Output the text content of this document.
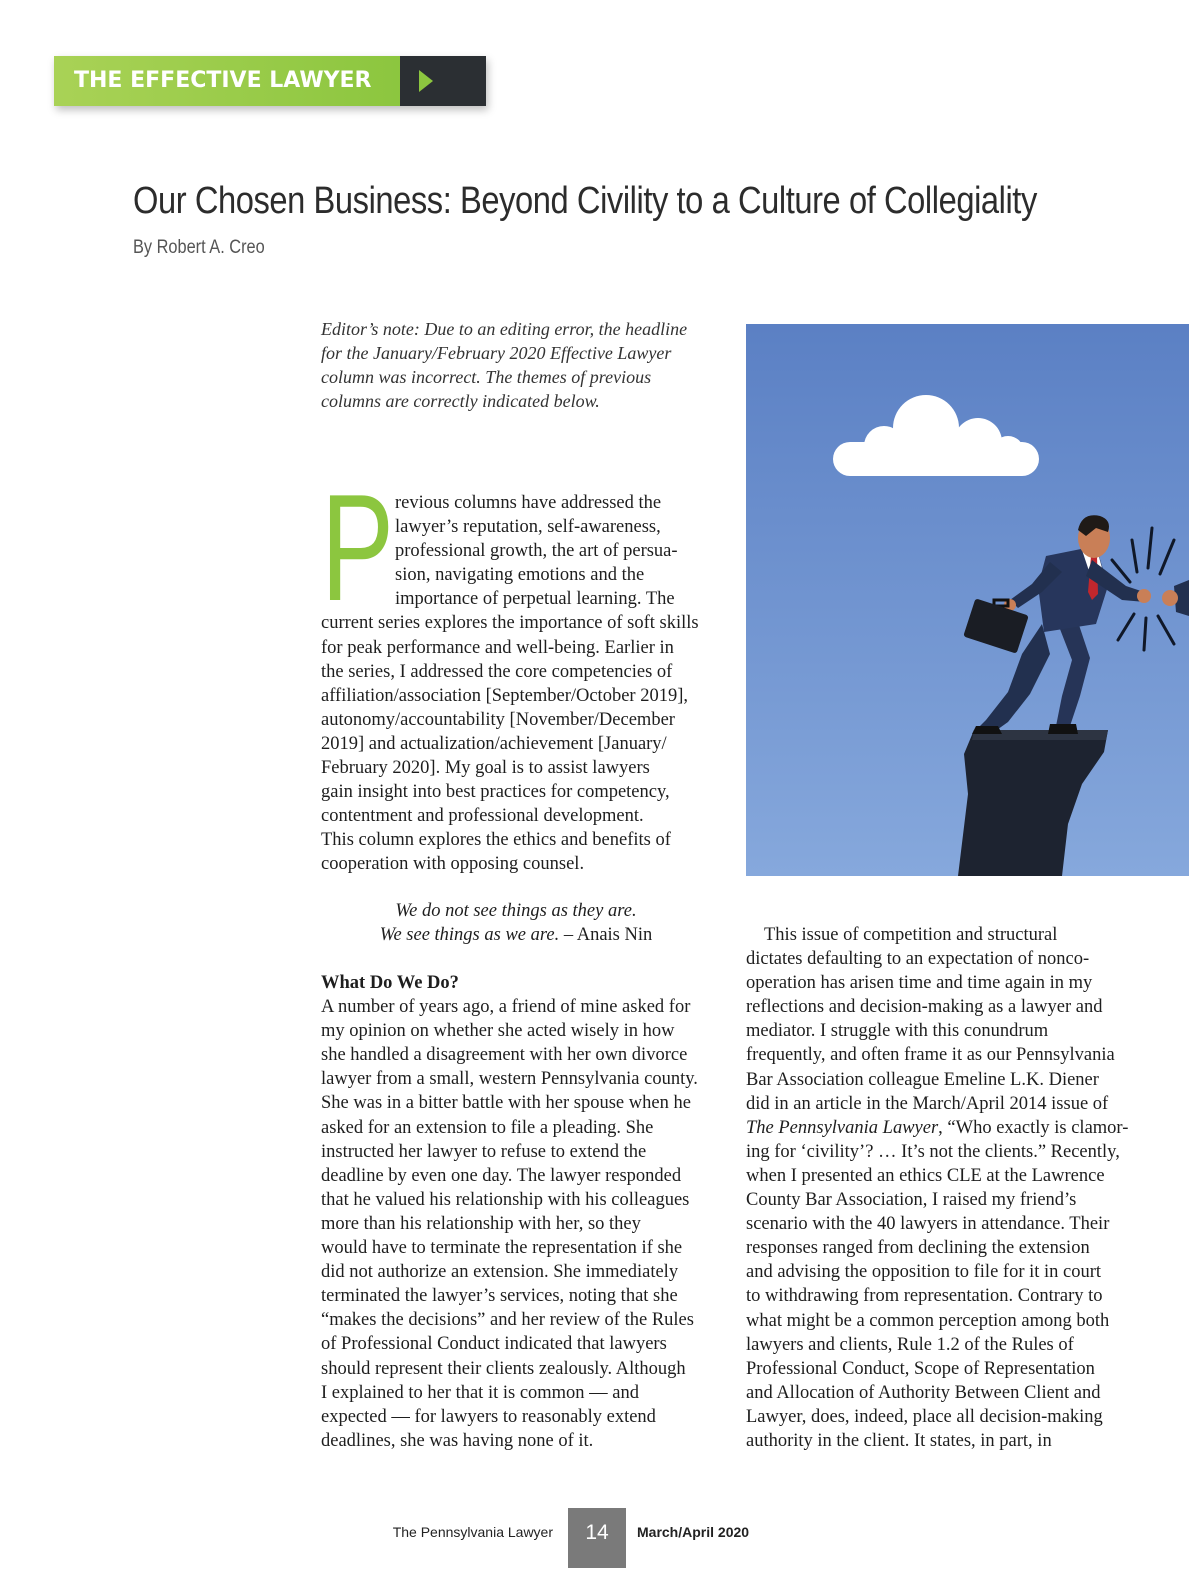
THE EFFECTIVE LAWYER
Our Chosen Business: Beyond Civility to a Culture of Collegiality
By Robert A. Creo
Editor’s note: Due to an editing error, the headline
for the January/February 2020 Effective Lawyer
column was incorrect. The themes of previous
columns are correctly indicated below.
P revious columns have addressed the
lawyer’s reputation, self-awareness,
professional growth, the art of persua-
sion, navigating emotions and the
importance of perpetual learning. The
current series explores the importance of soft skills
for peak performance and well-being. Earlier in
the series, I addressed the core competencies of
affiliation/association [September/October 2019],
autonomy/accountability [November/December
2019] and actualization/achievement [January/
February 2020]. My goal is to assist lawyers
gain insight into best practices for competency,
contentment and professional development.
This column explores the ethics and benefits of
cooperation with opposing counsel.
We do not see things as they are.
We see things as we are. – Anais Nin
What Do We Do?
A number of years ago, a friend of mine asked for
my opinion on whether she acted wisely in how
she handled a disagreement with her own divorce
lawyer from a small, western Pennsylvania county.
She was in a bitter battle with her spouse when he
asked for an extension to file a pleading. She
instructed her lawyer to refuse to extend the
deadline by even one day. The lawyer responded
that he valued his relationship with his colleagues
more than his relationship with her, so they
would have to terminate the representation if she
did not authorize an extension. She immediately
terminated the lawyer’s services, noting that she
“makes the decisions” and her review of the Rules
of Professional Conduct indicated that lawyers
should represent their clients zealously. Although
I explained to her that it is common — and
expected — for lawyers to reasonably extend
deadlines, she was having none of it.
This issue of competition and structural
dictates defaulting to an expectation of nonco-
operation has arisen time and time again in my
reflections and decision-making as a lawyer and
mediator. I struggle with this conundrum
frequently, and often frame it as our Pennsylvania
Bar Association colleague Emeline L.K. Diener
did in an article in the March/April 2014 issue of
The Pennsylvania Lawyer, “Who exactly is clamor-
ing for ‘civility’? … It’s not the clients.” Recently,
when I presented an ethics CLE at the Lawrence
County Bar Association, I raised my friend’s
scenario with the 40 lawyers in attendance. Their
responses ranged from declining the extension
and advising the opposition to file for it in court
to withdrawing from representation. Contrary to
what might be a common perception among both
lawyers and clients, Rule 1.2 of the Rules of
Professional Conduct, Scope of Representation
and Allocation of Authority Between Client and
Lawyer, does, indeed, place all decision-making
authority in the client. It states, in part, in
The Pennsylvania Lawyer	14	March/April 2020
